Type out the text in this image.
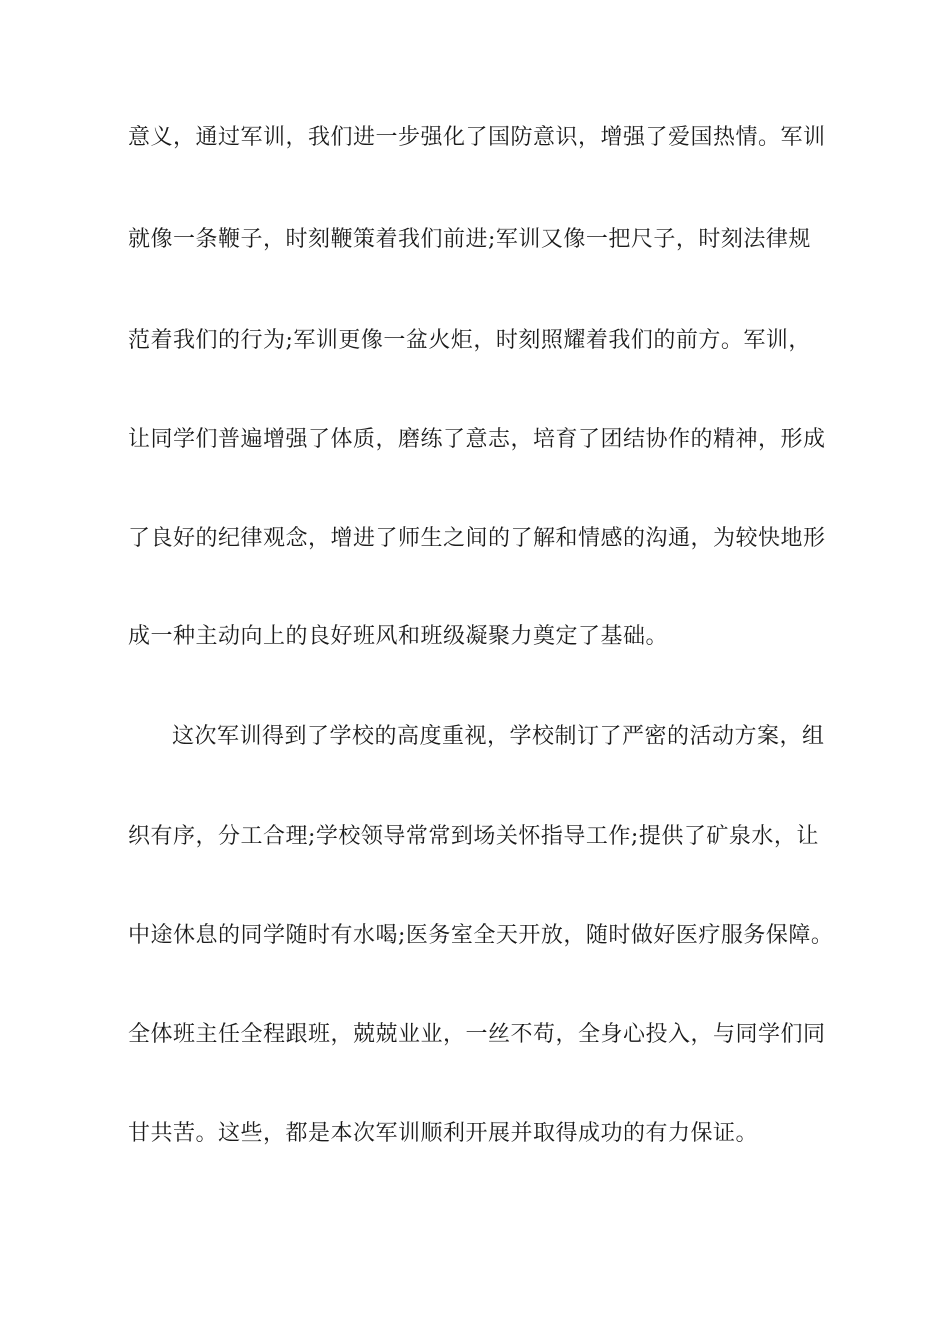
意义，通过军训，我们进一步强化了国防意识，增强了爱国热情。军训
就像一条鞭子，时刻鞭策着我们前进;军训又像一把尺子，时刻法律规
范着我们的行为;军训更像一盆火炬，时刻照耀着我们的前方。军训，
让同学们普遍增强了体质，磨练了意志，培育了团结协作的精神，形成
了良好的纪律观念，增进了师生之间的了解和情感的沟通，为较快地形
成一种主动向上的良好班风和班级凝聚力奠定了基础。
这次军训得到了学校的高度重视，学校制订了严密的活动方案，组
织有序，分工合理;学校领导常常到场关怀指导工作;提供了矿泉水，让
中途休息的同学随时有水喝;医务室全天开放，随时做好医疗服务保障。
全体班主任全程跟班，兢兢业业，一丝不苟，全身心投入，与同学们同
甘共苦。这些，都是本次军训顺利开展并取得成功的有力保证。
